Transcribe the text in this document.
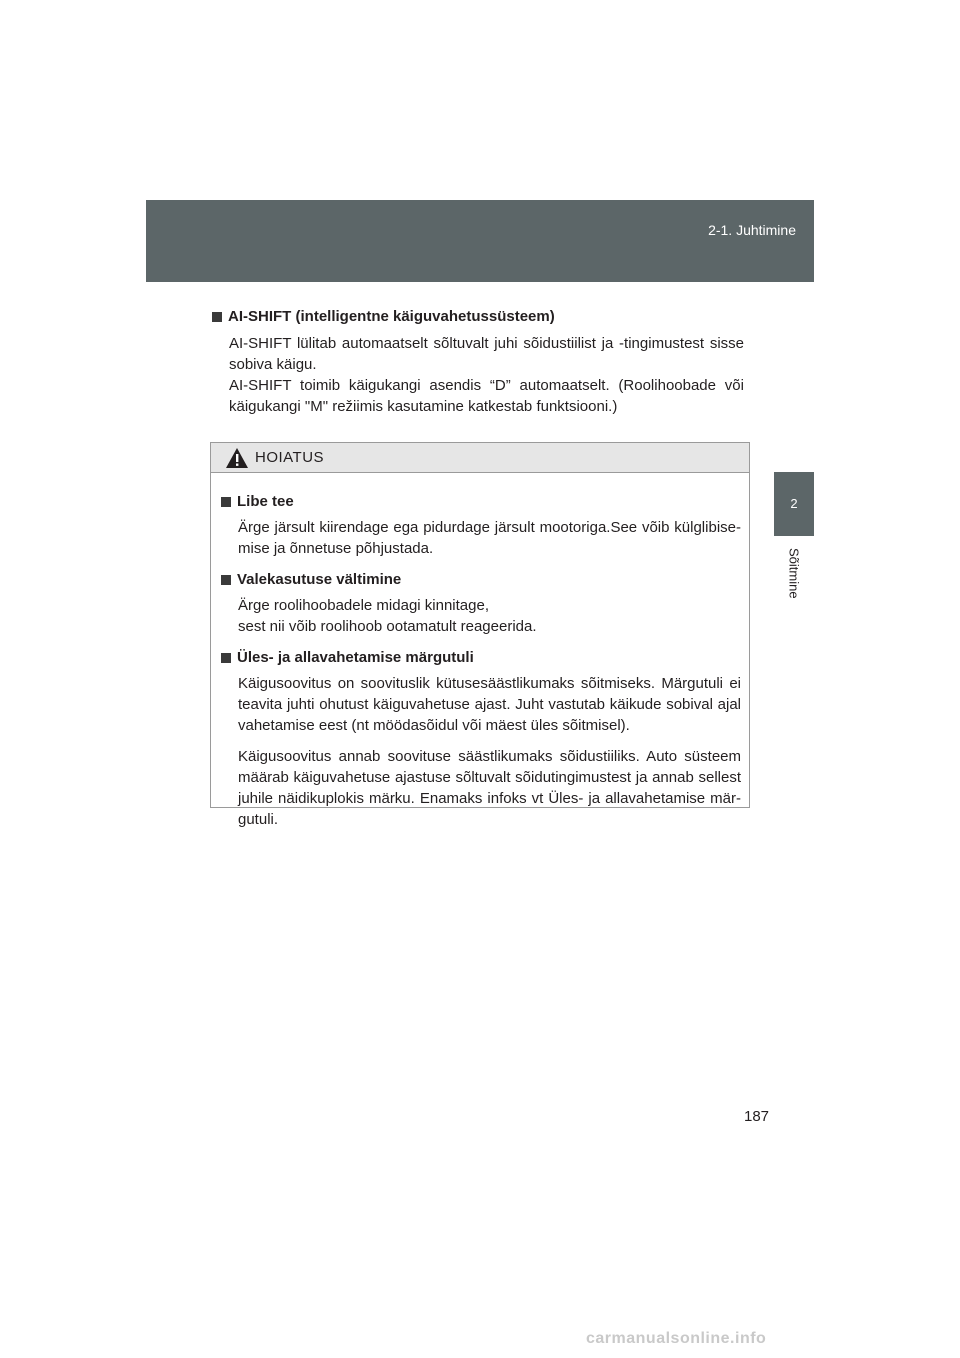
2-1. Juhtimine
2
Sõitmine
AI-SHIFT (intelligentne käiguvahetussüsteem)
AI-SHIFT lülitab automaatselt sõltuvalt juhi sõidustiilist ja -tingimustest sisse sobiva käigu.
AI-SHIFT toimib käigukangi asendis “D” automaatselt. (Roolihoobade või käigukangi "M" režiimis kasutamine katkestab funktsiooni.)
HOIATUS
Libe tee
Ärge järsult kiirendage ega pidurdage järsult mootoriga.See võib külglibise-mise ja õnnetuse põhjustada.
Valekasutuse vältimine
Ärge roolihoobadele midagi kinnitage,
sest nii võib roolihoob ootamatult reageerida.
Üles- ja allavahetamise märgutuli
Käigusoovitus on soovituslik kütusesäästlikumaks sõitmiseks. Märgutuli ei teavita juhti ohutust käiguvahetuse ajast. Juht vastutab käikude sobival ajal vahetamise eest (nt möödasõidul või mäest üles sõitmisel).
Käigusoovitus annab soovituse säästlikumaks sõidustiiliks. Auto süsteem määrab käiguvahetuse ajastuse sõltuvalt sõidutingimustest ja annab sellest juhile näidikuplokis märku. Enamaks infoks vt Üles- ja allavahetamise mär-gutuli.
187
carmanualsonline.info
